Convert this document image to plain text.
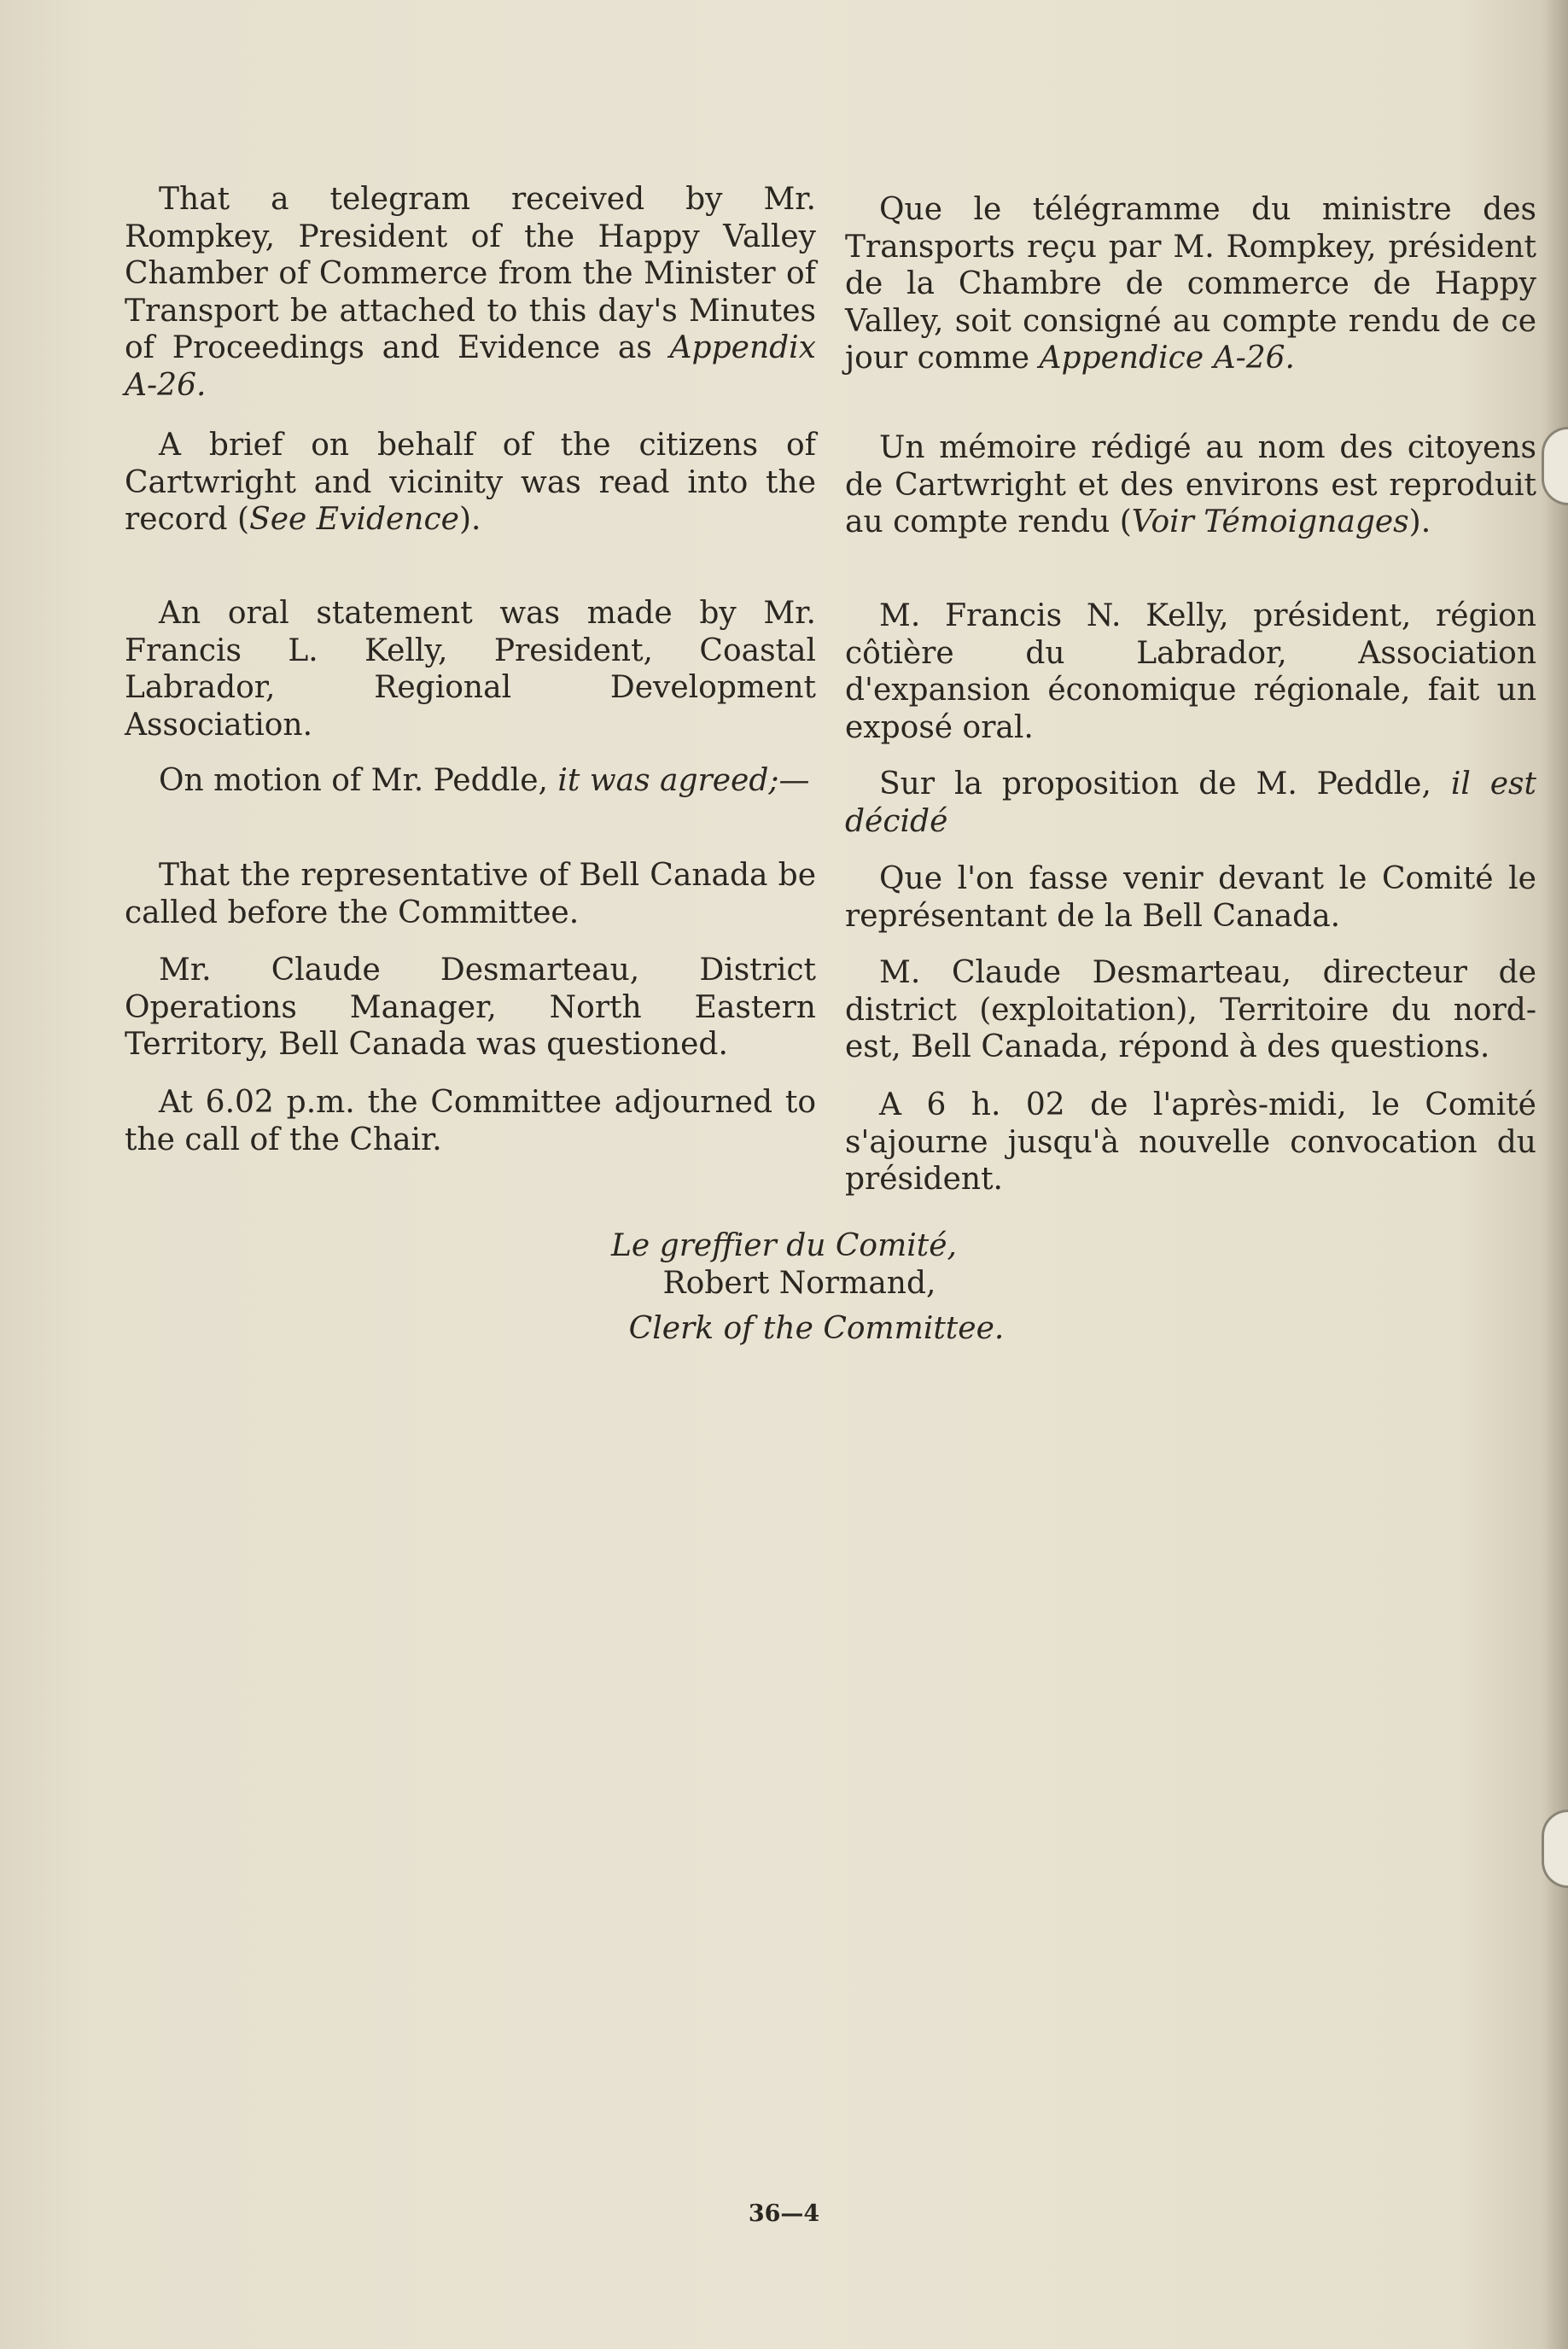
That a telegram received by Mr. Rompkey, President of the Happy Valley Chamber of Commerce from the Minister of Transport be attached to this day's Minutes of Proceedings and Evidence as Appendix A-26.

A brief on behalf of the citizens of Cartwright and vicinity was read into the record (See Evidence).

An oral statement was made by Mr. Francis L. Kelly, President, Coastal Labrador, Regional Development Association.

On motion of Mr. Peddle, it was agreed;—

That the representative of Bell Canada be called before the Committee.

Mr. Claude Desmarteau, District Operations Manager, North Eastern Territory, Bell Canada was questioned.

At 6.02 p.m. the Committee adjourned to the call of the Chair.

Que le télégramme du ministre des Transports reçu par M. Rompkey, président de la Chambre de commerce de Happy Valley, soit consigné au compte rendu de ce jour comme Appendice A-26.

Un mémoire rédigé au nom des citoyens de Cartwright et des environs est reproduit au compte rendu (Voir Témoignages).

M. Francis N. Kelly, président, région côtière du Labrador, Association d'expansion économique régionale, fait un exposé oral.

Sur la proposition de M. Peddle, il est décidé

Que l'on fasse venir devant le Comité le représentant de la Bell Canada.

M. Claude Desmarteau, directeur de district (exploitation), Territoire du nord-est, Bell Canada, répond à des questions.

A 6 h. 02 de l'après-midi, le Comité s'ajourne jusqu'à nouvelle convocation du président.

Le greffier du Comité,
Robert Normand,
Clerk of the Committee.
36—4
